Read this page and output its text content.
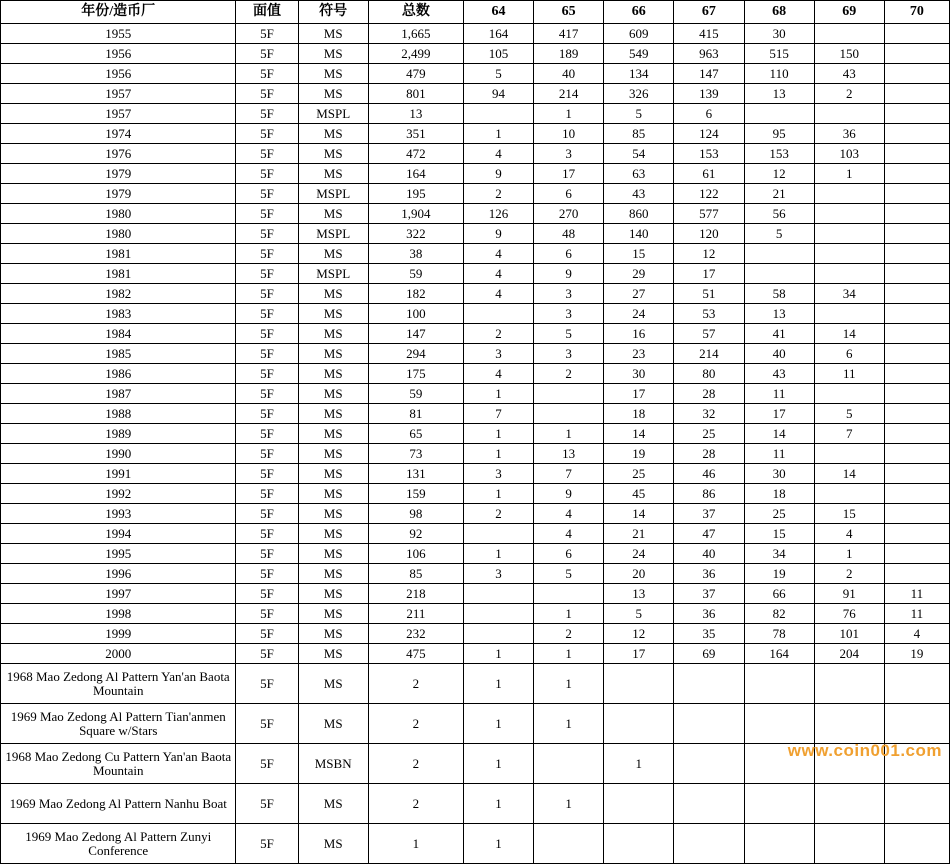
年份/造币厂	面值	符号	总数	64	65	66	67	68	69	70
1955	5F	MS	1,665	164	417	609	415	30		
1956	5F	MS	2,499	105	189	549	963	515	150	
1956	5F	MS	479	5	40	134	147	110	43	
1957	5F	MS	801	94	214	326	139	13	2	
1957	5F	MSPL	13		1	5	6			
1974	5F	MS	351	1	10	85	124	95	36	
1976	5F	MS	472	4	3	54	153	153	103	
1979	5F	MS	164	9	17	63	61	12	1	
1979	5F	MSPL	195	2	6	43	122	21		
1980	5F	MS	1,904	126	270	860	577	56		
1980	5F	MSPL	322	9	48	140	120	5		
1981	5F	MS	38	4	6	15	12			
1981	5F	MSPL	59	4	9	29	17			
1982	5F	MS	182	4	3	27	51	58	34	
1983	5F	MS	100		3	24	53	13		
1984	5F	MS	147	2	5	16	57	41	14	
1985	5F	MS	294	3	3	23	214	40	6	
1986	5F	MS	175	4	2	30	80	43	11	
1987	5F	MS	59	1		17	28	11		
1988	5F	MS	81	7		18	32	17	5	
1989	5F	MS	65	1	1	14	25	14	7	
1990	5F	MS	73	1	13	19	28	11		
1991	5F	MS	131	3	7	25	46	30	14	
1992	5F	MS	159	1	9	45	86	18		
1993	5F	MS	98	2	4	14	37	25	15	
1994	5F	MS	92		4	21	47	15	4	
1995	5F	MS	106	1	6	24	40	34	1	
1996	5F	MS	85	3	5	20	36	19	2	
1997	5F	MS	218			13	37	66	91	11
1998	5F	MS	211		1	5	36	82	76	11
1999	5F	MS	232		2	12	35	78	101	4
2000	5F	MS	475	1	1	17	69	164	204	19
1968 Mao Zedong Al Pattern Yan'an Baota Mountain	5F	MS	2	1	1					
1969 Mao Zedong Al Pattern Tian'anmen Square w/Stars	5F	MS	2	1	1					
1968 Mao Zedong Cu Pattern Yan'an Baota Mountain	5F	MSBN	2	1		1				
1969 Mao Zedong Al Pattern Nanhu Boat	5F	MS	2	1	1					
1969 Mao Zedong Al Pattern Zunyi Conference	5F	MS	1	1						
www.coin001.com
